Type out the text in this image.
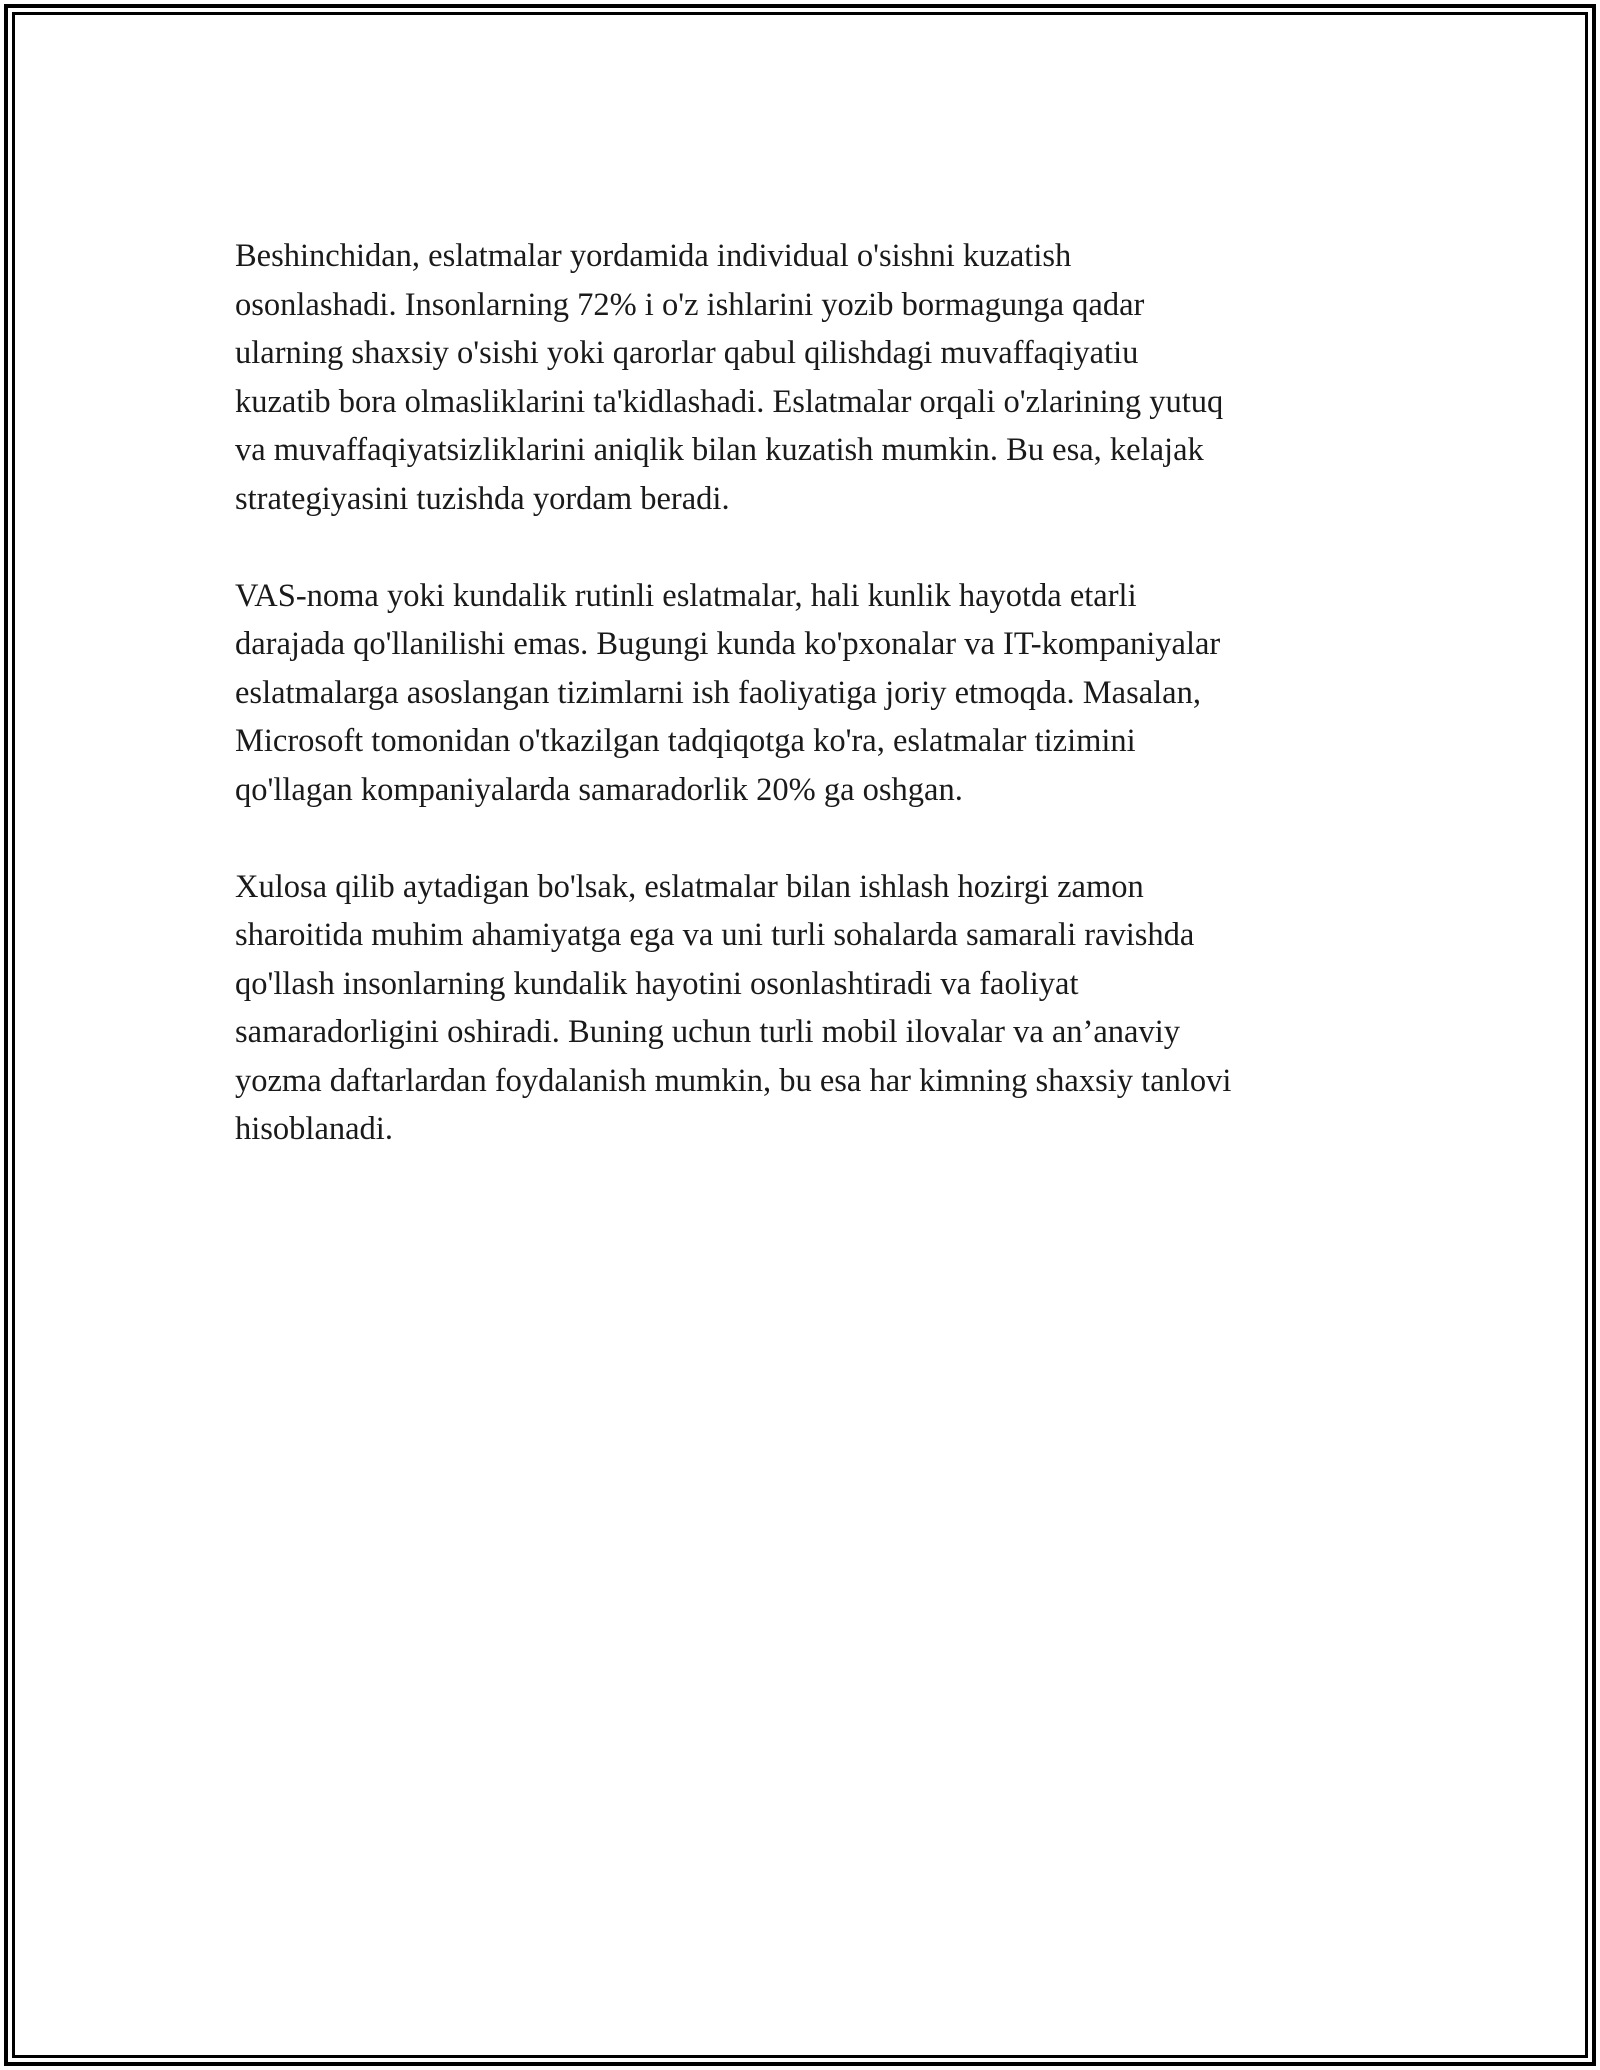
Beshinchidan, eslatmalar yordamida individual o'sishni kuzatish
osonlashadi. Insonlarning 72% i o'z ishlarini yozib bormagunga qadar
ularning shaxsiy o'sishi yoki qarorlar qabul qilishdagi muvaffaqiyatiu
kuzatib bora olmasliklarini ta'kidlashadi. Eslatmalar orqali o'zlarining yutuq
va muvaffaqiyatsizliklarini aniqlik bilan kuzatish mumkin. Bu esa, kelajak
strategiyasini tuzishda yordam beradi.

VAS-noma yoki kundalik rutinli eslatmalar, hali kunlik hayotda etarli
darajada qo'llanilishi emas. Bugungi kunda ko'pxonalar va IT-kompaniyalar
eslatmalarga asoslangan tizimlarni ish faoliyatiga joriy etmoqda. Masalan,
Microsoft tomonidan o'tkazilgan tadqiqotga ko'ra, eslatmalar tizimini
qo'llagan kompaniyalarda samaradorlik 20% ga oshgan.

Xulosa qilib aytadigan bo'lsak, eslatmalar bilan ishlash hozirgi zamon
sharoitida muhim ahamiyatga ega va uni turli sohalarda samarali ravishda
qo'llash insonlarning kundalik hayotini osonlashtiradi va faoliyat
samaradorligini oshiradi. Buning uchun turli mobil ilovalar va an’anaviy
yozma daftarlardan foydalanish mumkin, bu esa har kimning shaxsiy tanlovi
hisoblanadi.
